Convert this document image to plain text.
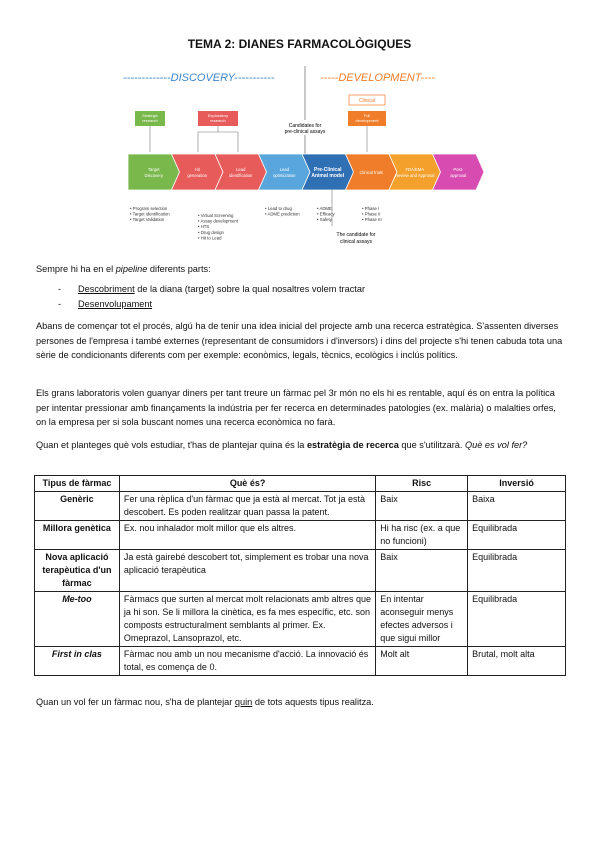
TEMA 2: DIANES FARMACOLÒGIQUES
-------------DISCOVERY-----------	-----DEVELOPMENT----
Candidates for
pre-clinical assays
Clinical
Strategic
research
Exploratory
research
Full
development
Target
Discovery
Hit
generation
Lead
identification
Lead
optimization
Pre-Clinical
Animal model
Clinical trials
FDA/EMA
Review and Approval
Post-
approval
• Program selection
• Target identification
• Target Validation
• Virtual Screening
• Assay development
• HTS
• Drug design
• Hit to Lead
• Lead to drug
• ADME prediction
• ADME
• Efficacy
• Safety
• Phase I
• Phase II
• Phase III
The candidate for
clinical assays
Sempre hi ha en el pipeline diferents parts:
- Descobriment de la diana (target) sobre la qual nosaltres volem tractar
- Desenvolupament
Abans de començar tot el procés, algú ha de tenir una idea inicial del projecte amb una recerca estratègica. S'assenten diverses persones de l'empresa i també externes (representant de consumidors i d'inversors) i dins del projecte s'hi tenen cabuda tota una sèrie de condicionants diferents com per exemple: econòmics, legals, tècnics, ecològics i inclús polítics.
Els grans laboratoris volen guanyar diners per tant treure un fàrmac pel 3r món no els hi es rentable, aquí és on entra la política per intentar pressionar amb finançaments la indústria per fer recerca en determinades patologies (ex. malària) o malalties orfes, on la empresa per si sola buscant nomes una recerca econòmica no farà.
Quan et planteges què vols estudiar, t'has de plantejar quina és la estratègia de recerca que s'utilitzarà. Què es vol fer?
Tipus de fàrmac	Què és?	Risc	Inversió
Genèric	Fer una rèplica d'un fàrmac que ja està al mercat. Tot ja està descobert. Es poden realitzar quan passa la patent.	Baix	Baixa
Millora genètica	Ex. nou inhalador molt millor que els altres.	Hi ha risc (ex. a que no funcioni)	Equilibrada
Nova aplicació terapèutica d'un fàrmac	Ja està gairebé descobert tot, simplement es trobar una nova aplicació terapèutica	Baix	Equilibrada
Me-too	Fàrmacs que surten al mercat molt relacionats amb altres que ja hi son. Se li millora la cinètica, es fa mes específic, etc. son composts estructuralment semblants al primer. Ex. Omeprazol, Lansoprazol, etc.	En intentar aconseguir menys efectes adversos i que sigui millor	Equilibrada
First in clas	Fàrmac nou amb un nou mecanisme d'acció. La innovació és total, es comença de 0.	Molt alt	Brutal, molt alta
Quan un vol fer un fàrmac nou, s'ha de plantejar quin de tots aquests tipus realitza.
